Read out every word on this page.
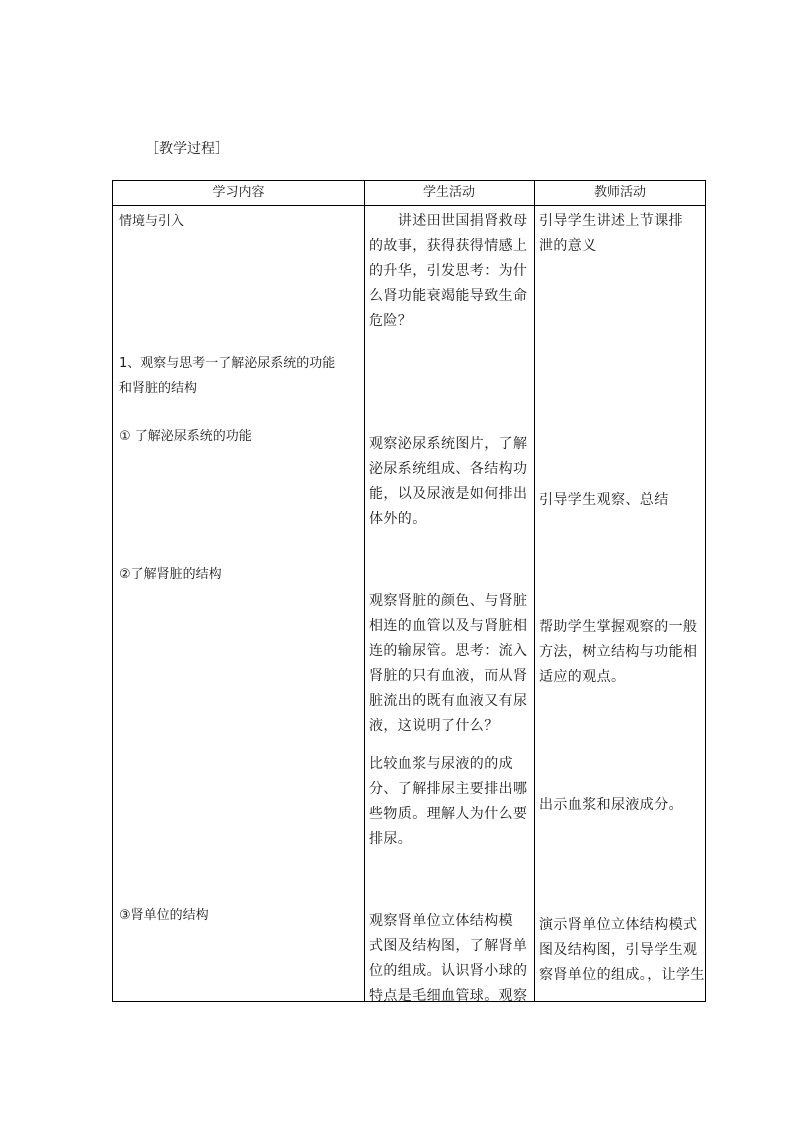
［教学过程］
学习内容	学生活动	教师活动
情境与引入
1、观察与思考一了解泌尿系统的功能
和肾脏的结构
① 了解泌尿系统的功能
②了解肾脏的结构
③肾单位的结构
　　讲述田世国捐肾救母
的故事，获得获得情感上
的升华，引发思考：为什
么肾功能衰竭能导致生命
危险？
观察泌尿系统图片，了解
泌尿系统组成、各结构功
能，以及尿液是如何排出
体外的。
观察肾脏的颜色、与肾脏
相连的血管以及与肾脏相
连的输尿管。思考：流入
肾脏的只有血液，而从肾
脏流出的既有血液又有尿
液，这说明了什么？
比较血浆与尿液的的成
分、了解排尿主要排出哪
些物质。理解人为什么要
排尿。
观察肾单位立体结构模
式图及结构图，了解肾单
位的组成。认识肾小球的
特点是毛细血管球。观察
引导学生讲述上节课排
泄的意义
引导学生观察、总结
帮助学生掌握观察的一般
方法，树立结构与功能相
适应的观点。
出示血浆和尿液成分。
演示肾单位立体结构模式
图及结构图，引导学生观
察肾单位的组成。，让学生
